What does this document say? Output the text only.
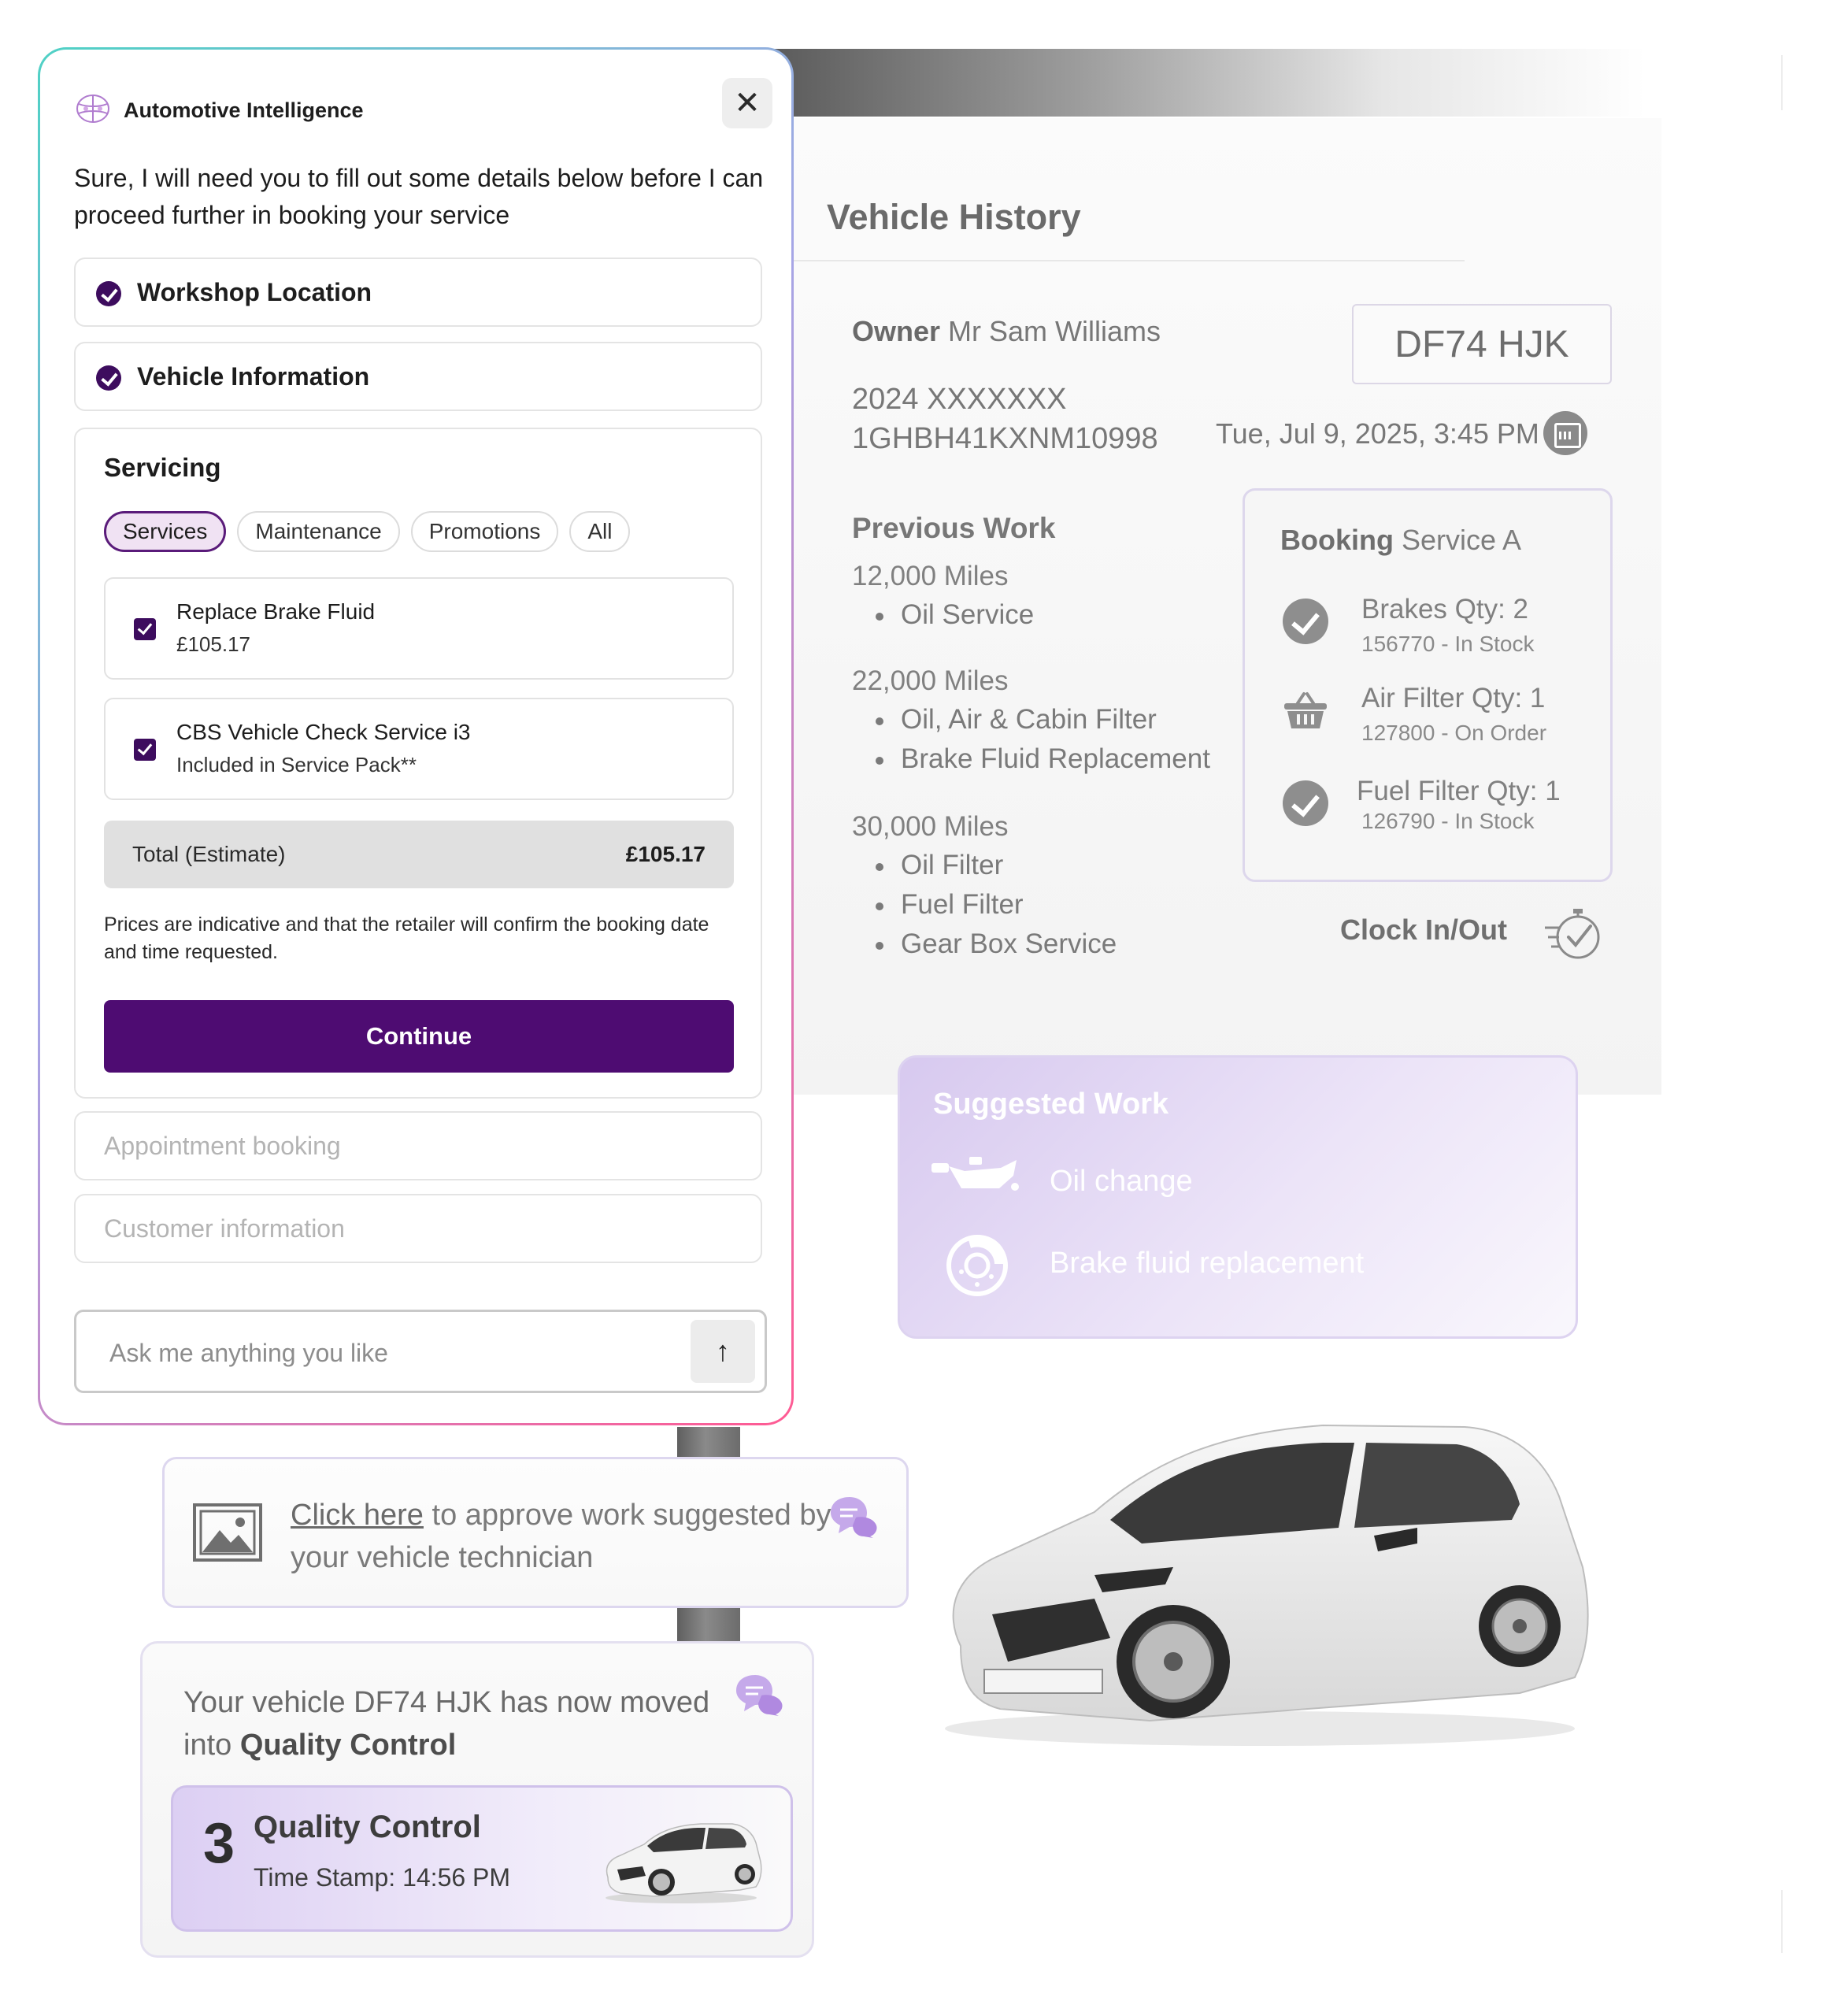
Vehicle History
Owner Mr Sam Williams	DF74 HJK
2024 XXXXXXX
1GHBH41KXNM10998 Tue, Jul 9, 2025, 3:45 PM
Previous Work
12,000 Miles
Oil Service
22,000 Miles
Oil, Air & Cabin Filter
Brake Fluid Replacement
30,000 Miles
Oil Filter
Fuel Filter
Gear Box Service
Booking Service A
Brakes Qty: 2
156770 - In Stock
Air Filter Qty: 1
127800 - On Order
Fuel Filter Qty: 1
126790 - In Stock
Clock In/Out
Suggested Work
Oil change
Brake fluid replacement
Automotive Intelligence	✕
Sure, I will need you to fill out some details below before I can proceed further in booking your service
Workshop Location
Vehicle Information
Servicing
Services	Maintenance	Promotions	All
Replace Brake Fluid
£105.17
CBS Vehicle Check Service i3
Included in Service Pack**
Total (Estimate)	£105.17
Prices are indicative and that the retailer will confirm the booking date and time requested.
Continue
Appointment booking
Customer information
Ask me anything you like	↑
Click here to approve work suggested by your vehicle technician
Your vehicle DF74 HJK has now moved into Quality Control
3 Quality Control
Time Stamp: 14:56 PM
